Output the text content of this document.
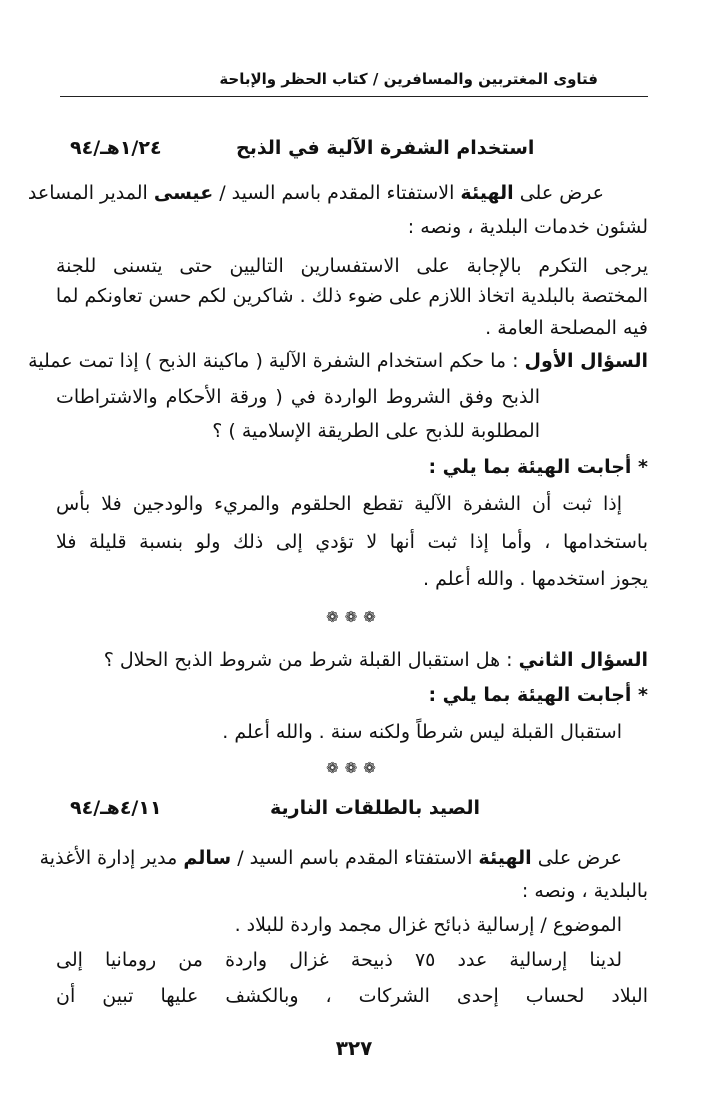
فتاوى المغتربين والمسافرين / كتاب الحظر والإباحة
١/٢٤هـ/٩٤	استخدام الشفرة الآلية في الذبح
عرض على الهيئة الاستفتاء المقدم باسم السيد / عيسى المدير المساعد
لشئون خدمات البلدية ، ونصه :
يرجى التكرم بالإجابة على الاستفسارين التاليين حتى يتسنى للجنة
المختصة بالبلدية اتخاذ اللازم على ضوء ذلك . شاكرين لكم حسن تعاونكم لما
فيه المصلحة العامة .
السؤال الأول : ما حكم استخدام الشفرة الآلية ( ماكينة الذبح ) إذا تمت عملية
الذبح وفق الشروط الواردة في ( ورقة الأحكام والاشتراطات
المطلوبة للذبح على الطريقة الإسلامية ) ؟
* أجابت الهيئة بما يلي :
إذا ثبت أن الشفرة الآلية تقطع الحلقوم والمريء والودجين فلا بأس
باستخدامها ، وأما إذا ثبت أنها لا تؤدي إلى ذلك ولو بنسبة قليلة فلا
يجوز استخدمها . والله أعلم .
❁❁❁
السؤال الثاني : هل استقبال القبلة شرط من شروط الذبح الحلال ؟
* أجابت الهيئة بما يلي :
استقبال القبلة ليس شرطاً ولكنه سنة . والله أعلم .
❁❁❁
٤/١١هـ/٩٤	الصيد بالطلقات النارية
عرض على الهيئة الاستفتاء المقدم باسم السيد / سالم مدير إدارة الأغذية
بالبلدية ، ونصه :
الموضوع / إرسالية ذبائح غزال مجمد واردة للبلاد .
لدينا إرسالية عدد ٧٥ ذبيحة غزال واردة من رومانيا إلى
البلاد لحساب إحدى الشركات ، وبالكشف عليها تبين أن
٣٢٧
